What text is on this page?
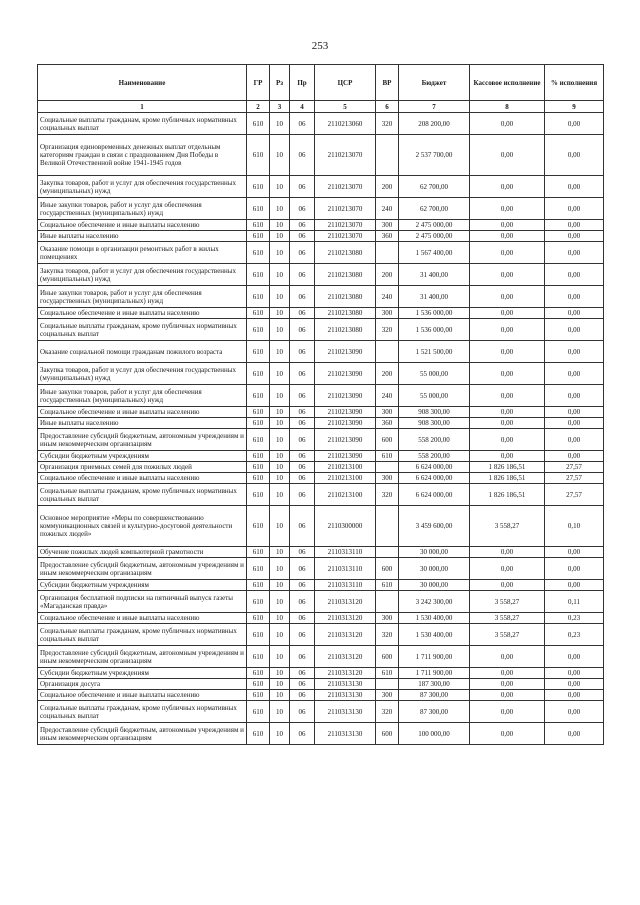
253
Наименование	ГР	Рз	Пр	ЦСР	ВР	Бюджет	Кассовое исполнение	% исполнения
1	2	3	4	5	6	7	8	9
Социальные выплаты гражданам, кроме публичных нормативных социальных выплат	610	10	06	2110213060	320	208 200,00	0,00	0,00
Организация единовременных денежных выплат отдельным категориям граждан в связи с празднованием Дня Победы в Великой Отечественной войне 1941-1945 годов	610	10	06	2110213070		2 537 700,00	0,00	0,00
Закупка товаров, работ и услуг для обеспечения государственных (муниципальных) нужд	610	10	06	2110213070	200	62 700,00	0,00	0,00
Иные закупки товаров, работ и услуг для обеспечения государственных (муниципальных) нужд	610	10	06	2110213070	240	62 700,00	0,00	0,00
Социальное обеспечение и иные выплаты населению	610	10	06	2110213070	300	2 475 000,00	0,00	0,00
Иные выплаты населению	610	10	06	2110213070	360	2 475 000,00	0,00	0,00
Оказание помощи в организации ремонтных работ в жилых помещениях	610	10	06	2110213080		1 567 400,00	0,00	0,00
Закупка товаров, работ и услуг для обеспечения государственных (муниципальных) нужд	610	10	06	2110213080	200	31 400,00	0,00	0,00
Иные закупки товаров, работ и услуг для обеспечения государственных (муниципальных) нужд	610	10	06	2110213080	240	31 400,00	0,00	0,00
Социальное обеспечение и иные выплаты населению	610	10	06	2110213080	300	1 536 000,00	0,00	0,00
Социальные выплаты гражданам, кроме публичных нормативных социальных выплат	610	10	06	2110213080	320	1 536 000,00	0,00	0,00
Оказание социальной помощи гражданам пожилого возраста	610	10	06	2110213090		1 521 500,00	0,00	0,00
Закупка товаров, работ и услуг для обеспечения государственных (муниципальных) нужд	610	10	06	2110213090	200	55 000,00	0,00	0,00
Иные закупки товаров, работ и услуг для обеспечения государственных (муниципальных) нужд	610	10	06	2110213090	240	55 000,00	0,00	0,00
Социальное обеспечение и иные выплаты населению	610	10	06	2110213090	300	908 300,00	0,00	0,00
Иные выплаты населению	610	10	06	2110213090	360	908 300,00	0,00	0,00
Предоставление субсидий бюджетным, автономным учреждениям и иным некоммерческим организациям	610	10	06	2110213090	600	558 200,00	0,00	0,00
Субсидии бюджетным учреждениям	610	10	06	2110213090	610	558 200,00	0,00	0,00
Организация приемных семей для пожилых людей	610	10	06	2110213100		6 624 000,00	1 826 186,51	27,57
Социальное обеспечение и иные выплаты населению	610	10	06	2110213100	300	6 624 000,00	1 826 186,51	27,57
Социальные выплаты гражданам, кроме публичных нормативных социальных выплат	610	10	06	2110213100	320	6 624 000,00	1 826 186,51	27,57
Основное мероприятие «Меры по совершенствованию коммуникационных связей и культурно-досуговой деятельности пожилых людей»	610	10	06	2110300000		3 459 600,00	3 558,27	0,10
Обучение пожилых людей компьютерной грамотности	610	10	06	2110313110		30 000,00	0,00	0,00
Предоставление субсидий бюджетным, автономным учреждениям и иным некоммерческим организациям	610	10	06	2110313110	600	30 000,00	0,00	0,00
Субсидии бюджетным учреждениям	610	10	06	2110313110	610	30 000,00	0,00	0,00
Организация бесплатной подписки на пятничный выпуск газеты «Магаданская правда»	610	10	06	2110313120		3 242 300,00	3 558,27	0,11
Социальное обеспечение и иные выплаты населению	610	10	06	2110313120	300	1 530 400,00	3 558,27	0,23
Социальные выплаты гражданам, кроме публичных нормативных социальных выплат	610	10	06	2110313120	320	1 530 400,00	3 558,27	0,23
Предоставление субсидий бюджетным, автономным учреждениям и иным некоммерческим организациям	610	10	06	2110313120	600	1 711 900,00	0,00	0,00
Субсидии бюджетным учреждениям	610	10	06	2110313120	610	1 711 900,00	0,00	0,00
Организация досуга	610	10	06	2110313130		187 300,00	0,00	0,00
Социальное обеспечение и иные выплаты населению	610	10	06	2110313130	300	87 300,00	0,00	0,00
Социальные выплаты гражданам, кроме публичных нормативных социальных выплат	610	10	06	2110313130	320	87 300,00	0,00	0,00
Предоставление субсидий бюджетным, автономным учреждениям и иным некоммерческим организациям	610	10	06	2110313130	600	100 000,00	0,00	0,00
